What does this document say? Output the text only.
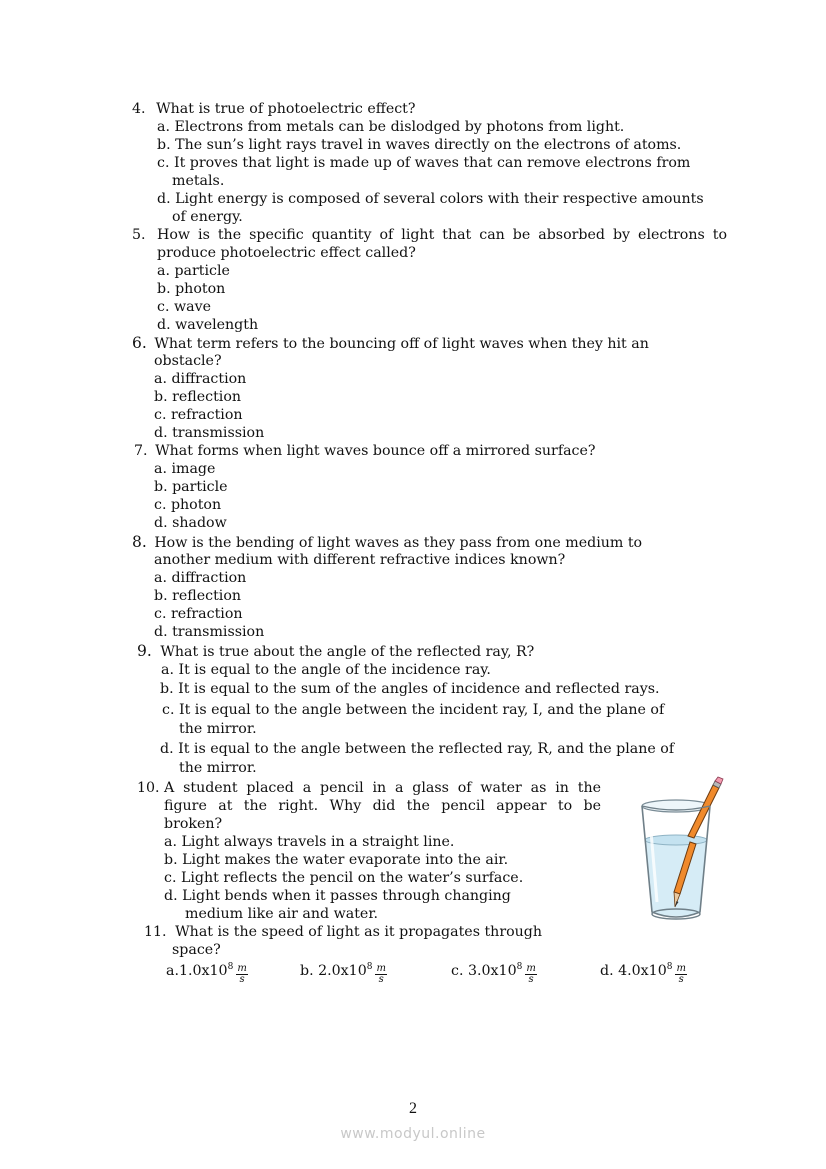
4. What is true of photoelectric effect?
a. Electrons from metals can be dislodged by photons from light.
b. The sun’s light rays travel in waves directly on the electrons of atoms.
c. It proves that light is made up of waves that can remove electrons from
metals.
d. Light energy is composed of several colors with their respective amounts
of energy.
5. How is the specific quantity of light that can be absorbed by electrons to
produce photoelectric effect called?
a. particle
b. photon
c. wave
d. wavelength
6. What term refers to the bouncing off of light waves when they hit an
obstacle?
a. diffraction
b. reflection
c. refraction
d. transmission
7. What forms when light waves bounce off a mirrored surface?
a. image
b. particle
c. photon
d. shadow
8. How is the bending of light waves as they pass from one medium to
another medium with different refractive indices known?
a. diffraction
b. reflection
c. refraction
d. transmission
9. What is true about the angle of the reflected ray, R?
a. It is equal to the angle of the incidence ray.
b. It is equal to the sum of the angles of incidence and reflected rays.
c. It is equal to the angle between the incident ray, I, and the plane of
the mirror.
d. It is equal to the angle between the reflected ray, R, and the plane of
the mirror.
10. A student placed a pencil in a glass of water as in the
figure at the right. Why did the pencil appear to be
broken?
a. Light always travels in a straight line.
b. Light makes the water evaporate into the air.
c. Light reflects the pencil on the water’s surface.
d. Light bends when it passes through changing
medium like air and water.
11. What is the speed of light as it propagates through
space?
$a.1.0x10^8 \frac{m}{s}$	b. $2.0x10^8 \frac{m}{s}$	c. $3.0x10^8 \frac{m}{s}$	d. $4.0x10^8 \frac{m}{s}$
2
www.modyul.online
